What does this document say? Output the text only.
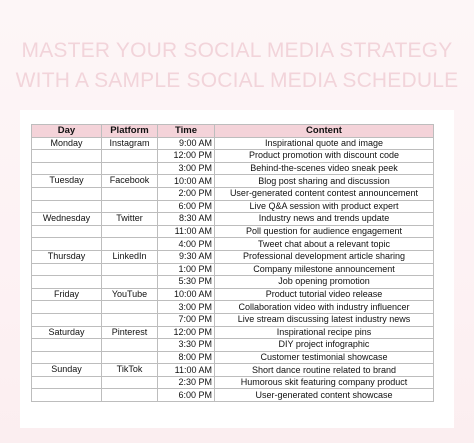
MASTER YOUR SOCIAL MEDIA STRATEGY
WITH A SAMPLE SOCIAL MEDIA SCHEDULE
Day	Platform	Time	Content
Monday	Instagram	9:00 AM	Inspirational quote and image
		12:00 PM	Product promotion with discount code
		3:00 PM	Behind-the-scenes video sneak peek
Tuesday	Facebook	10:00 AM	Blog post sharing and discussion
		2:00 PM	User-generated content contest announcement
		6:00 PM	Live Q&A session with product expert
Wednesday	Twitter	8:30 AM	Industry news and trends update
		11:00 AM	Poll question for audience engagement
		4:00 PM	Tweet chat about a relevant topic
Thursday	LinkedIn	9:30 AM	Professional development article sharing
		1:00 PM	Company milestone announcement
		5:30 PM	Job opening promotion
Friday	YouTube	10:00 AM	Product tutorial video release
		3:00 PM	Collaboration video with industry influencer
		7:00 PM	Live stream discussing latest industry news
Saturday	Pinterest	12:00 PM	Inspirational recipe pins
		3:30 PM	DIY project infographic
		8:00 PM	Customer testimonial showcase
Sunday	TikTok	11:00 AM	Short dance routine related to brand
		2:30 PM	Humorous skit featuring company product
		6:00 PM	User-generated content showcase
